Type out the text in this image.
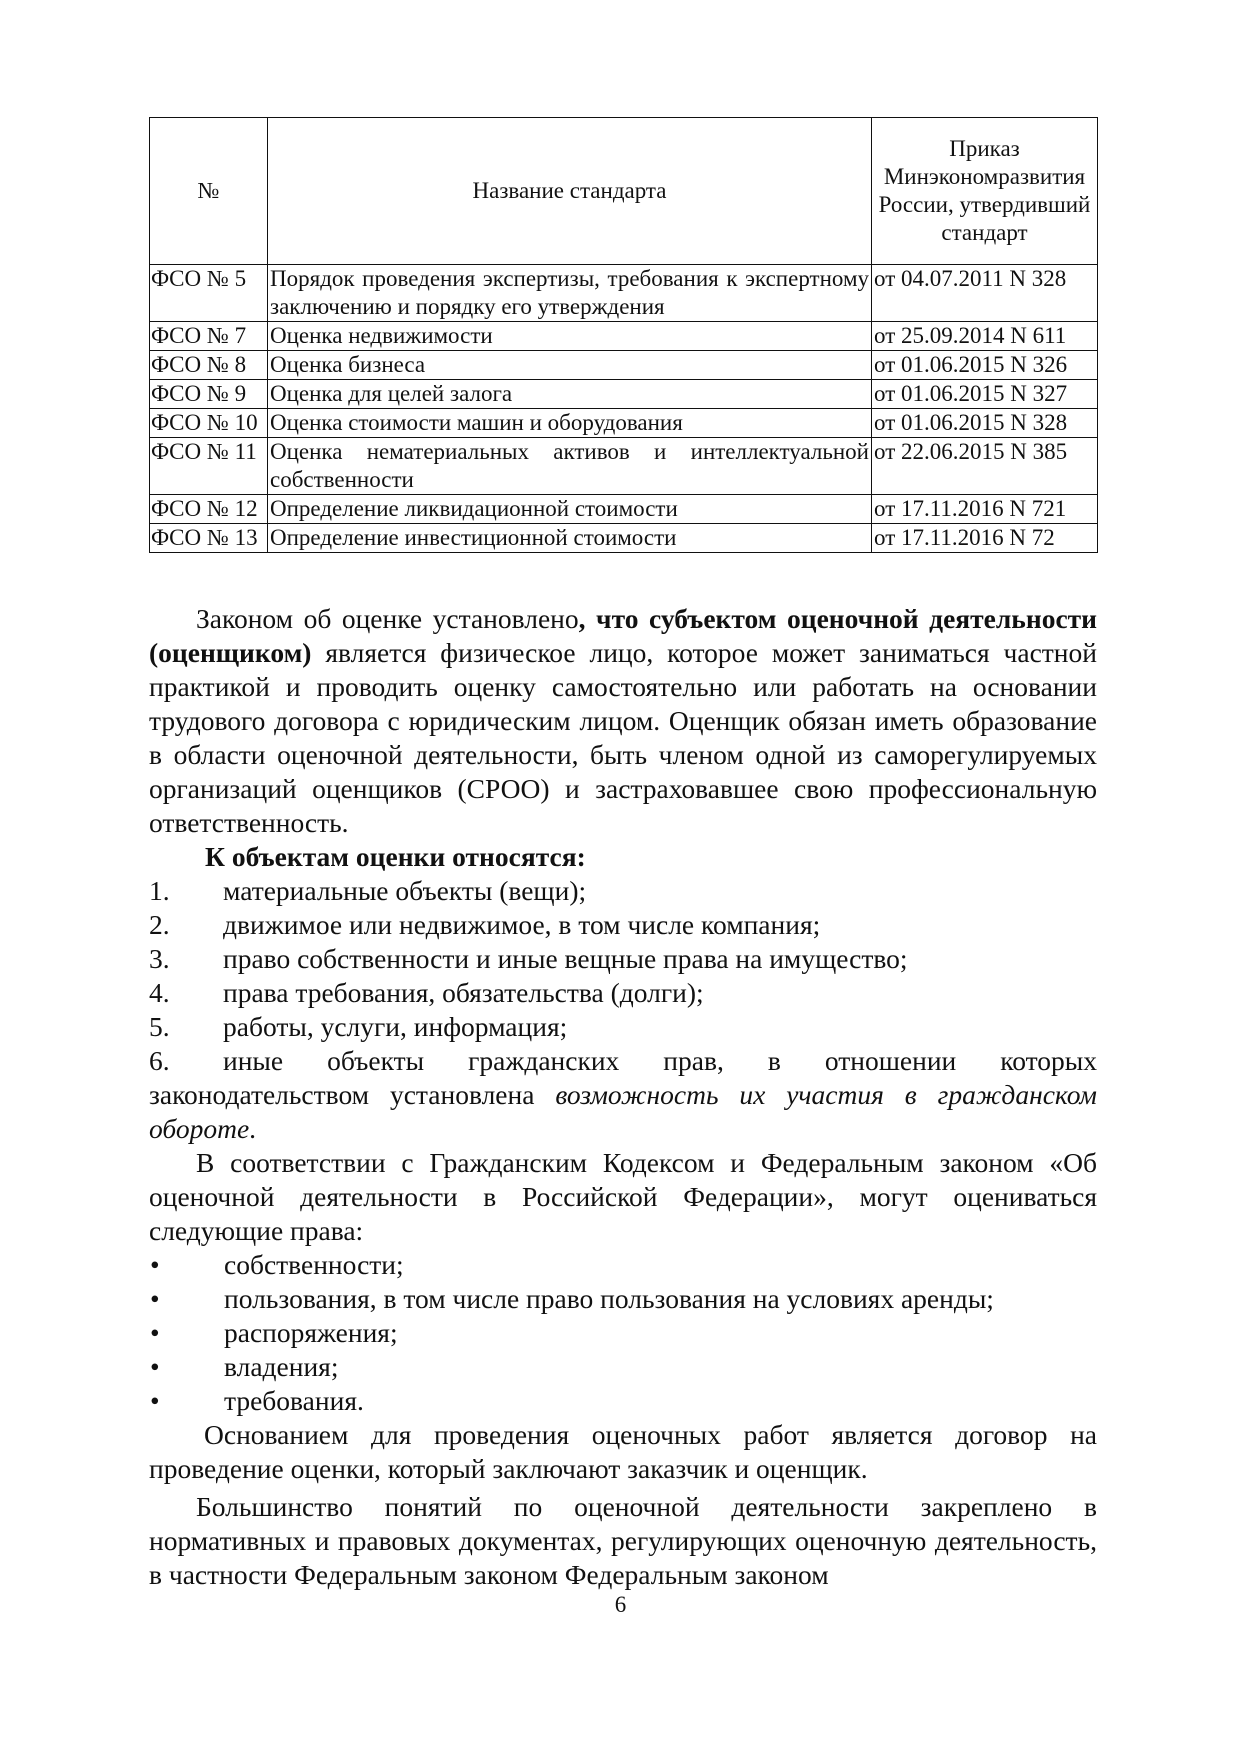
№	Название стандарта	Приказ Минэкономразвития России, утвердивший стандарт
ФСО № 5	Порядок проведения экспертизы, требования к экспертному заключению и порядку его утверждения	от 04.07.2011 N 328
ФСО № 7	Оценка недвижимости	от 25.09.2014 N 611
ФСО № 8	Оценка бизнеса	от 01.06.2015 N 326
ФСО № 9	Оценка для целей залога	от 01.06.2015 N 327
ФСО № 10	Оценка стоимости машин и оборудования	от 01.06.2015 N 328
ФСО № 11	Оценка нематериальных активов и интеллектуальной собственности	от 22.06.2015 N 385
ФСО № 12	Определение ликвидационной стоимости	от 17.11.2016 N 721
ФСО № 13	Определение инвестиционной стоимости	от 17.11.2016 N 72

Законом об оценке установлено, что субъектом оценочной деятельности (оценщиком) является физическое лицо, которое может заниматься частной практикой и проводить оценку самостоятельно или работать на основании трудового договора с юридическим лицом. Оценщик обязан иметь образование в области оценочной деятельности, быть членом одной из саморегулируемых организаций оценщиков (СРОО) и застраховавшее свою профессиональную ответственность.

К объектам оценки относятся:

1.	материальные объекты (вещи);
2.	движимое или недвижимое, в том числе компания;
3.	право собственности и иные вещные права на имущество;
4.	права требования, обязательства (долги);
5.	работы, услуги, информация;

6. иные объекты гражданских прав, в отношении которых законодательством установлена возможность их участия в гражданском обороте.

В соответствии с Гражданским Кодексом и Федеральным законом «Об оценочной деятельности в Российской Федерации», могут оцениваться следующие права:

•	собственности;
•	пользования, в том числе право пользования на условиях аренды;
•	распоряжения;
•	владения;
•	требования.

Основанием для проведения оценочных работ является договор на проведение оценки, который заключают заказчик и оценщик.

Большинство понятий по оценочной деятельности закреплено в нормативных и правовых документах, регулирующих оценочную деятельность, в частности Федеральным законом Федеральным законом

6
